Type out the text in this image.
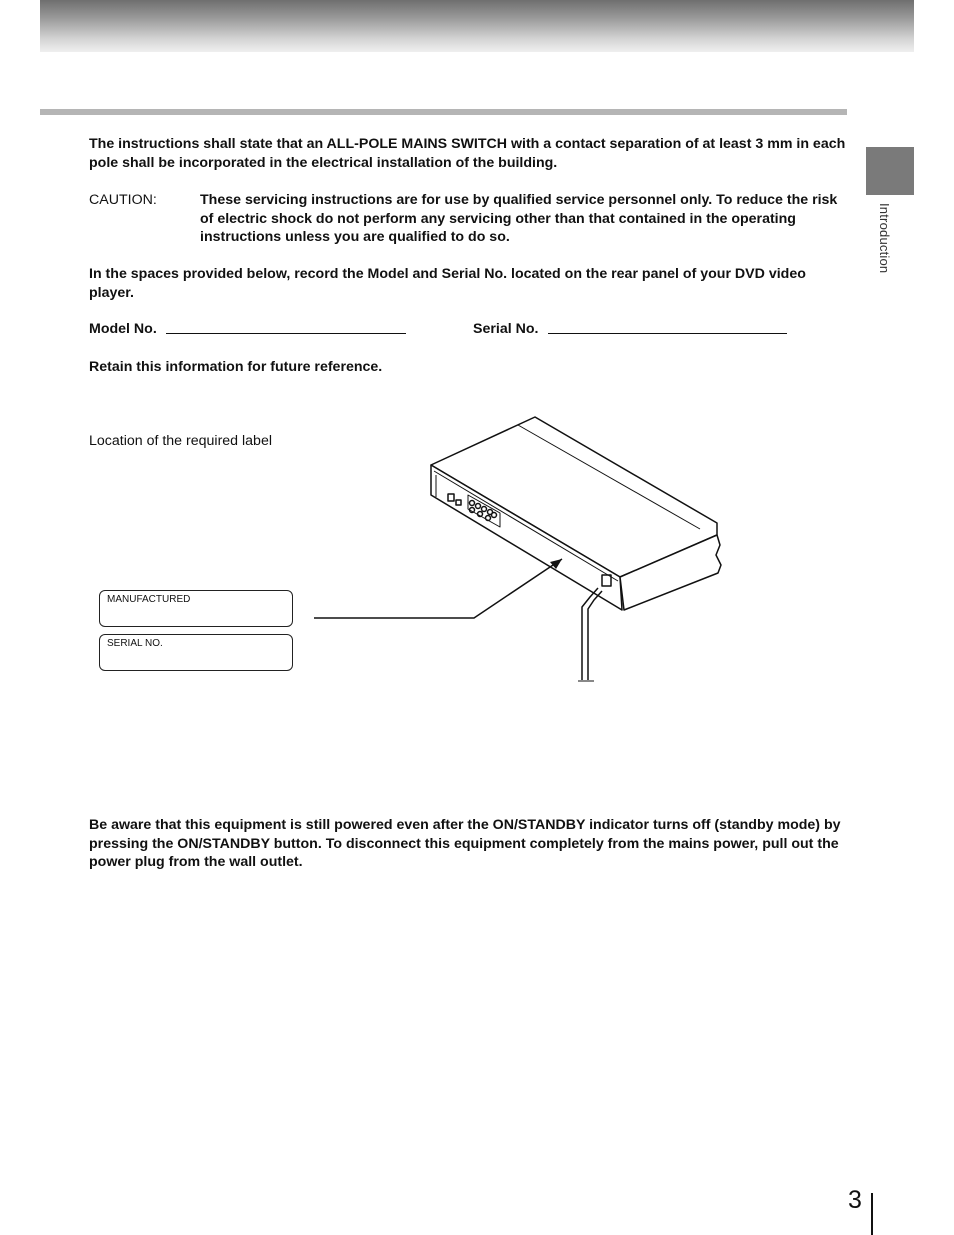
Introduction

The instructions shall state that an ALL-POLE MAINS SWITCH with a contact separation of at least 3 mm in each pole shall be incorporated in the electrical installation of the building.

CAUTION:	These servicing instructions are for use by qualified service personnel only. To reduce the risk of electric shock do not perform any servicing other than that contained in the operating instructions unless you are qualified to do so.

In the spaces provided below, record the Model and Serial No. located on the rear panel of your DVD video player.

Model No.	Serial No.

Retain this information for future reference.

Location of the required label
MANUFACTURED
SERIAL NO.

Be aware that this equipment is still powered even after the ON/STANDBY indicator turns off (standby mode) by pressing the ON/STANDBY button. To disconnect this equipment completely from the mains power, pull out the power plug from the wall outlet.

3
